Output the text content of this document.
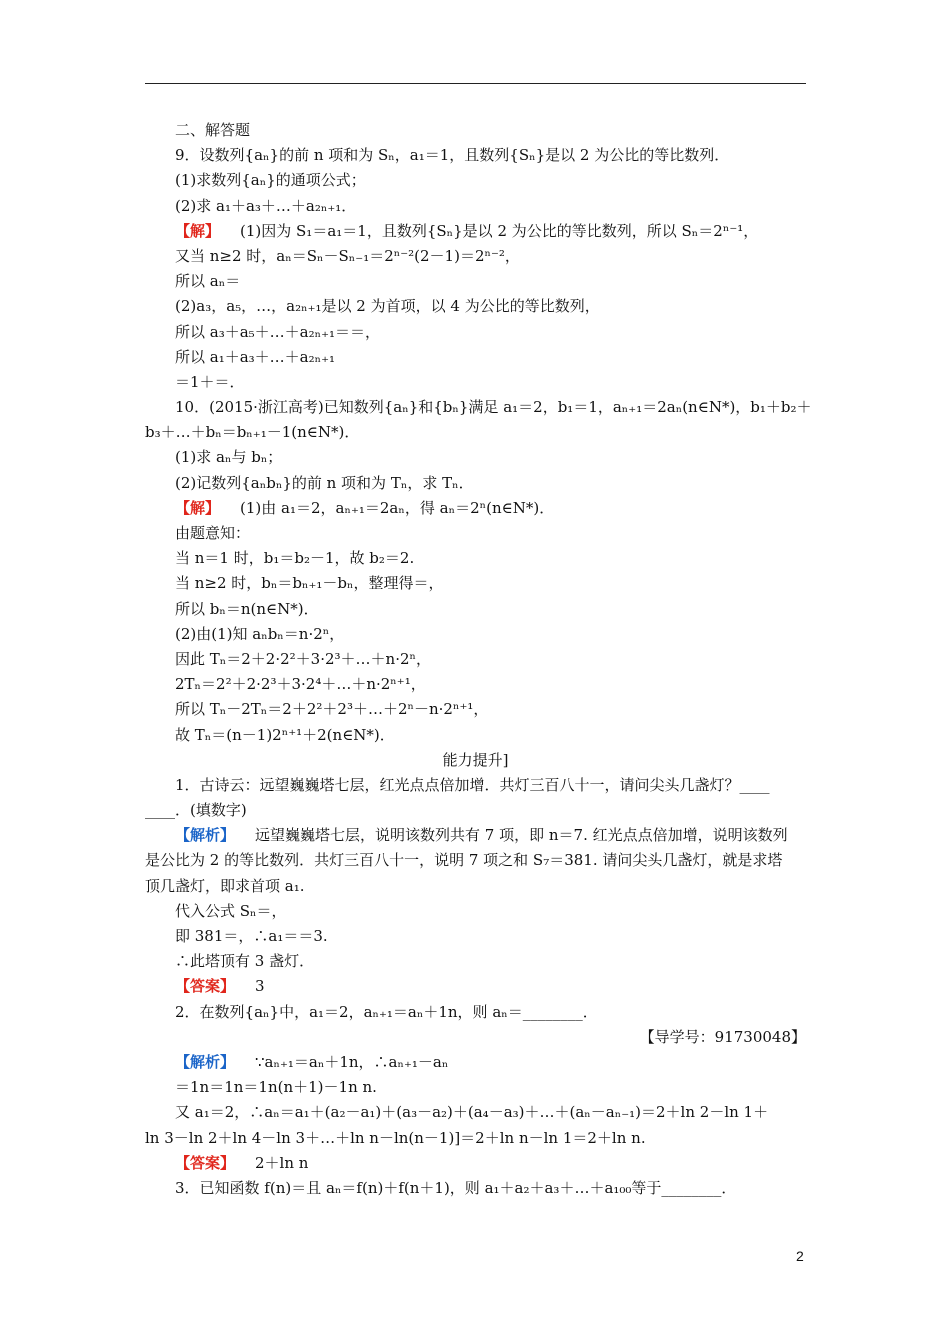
二、解答题
9．设数列{aₙ}的前 n 项和为 Sₙ，a₁＝1，且数列{Sₙ}是以 2 为公比的等比数列．
(1)求数列{aₙ}的通项公式；
(2)求 a₁＋a₃＋…＋a₂ₙ₊₁．
【解】 (1)因为 S₁＝a₁＝1，且数列{Sₙ}是以 2 为公比的等比数列，所以 Sₙ＝2ⁿ⁻¹，
又当 n≥2 时，aₙ＝Sₙ－Sₙ₋₁＝2ⁿ⁻²(2－1)＝2ⁿ⁻²，
所以 aₙ＝
(2)a₃，a₅，…，a₂ₙ₊₁是以 2 为首项，以 4 为公比的等比数列，
所以 a₃＋a₅＋…＋a₂ₙ₊₁＝＝，
所以 a₁＋a₃＋…＋a₂ₙ₊₁
＝1＋＝．
10．(2015·浙江高考)已知数列{aₙ}和{bₙ}满足 a₁＝2，b₁＝1，aₙ₊₁＝2aₙ(n∈N*)，b₁＋b₂＋
b₃＋…＋bₙ＝bₙ₊₁－1(n∈N*)．
(1)求 aₙ与 bₙ；
(2)记数列{aₙbₙ}的前 n 项和为 Tₙ，求 Tₙ．
【解】 (1)由 a₁＝2，aₙ₊₁＝2aₙ，得 aₙ＝2ⁿ(n∈N*)．
由题意知：
当 n＝1 时，b₁＝b₂－1，故 b₂＝2.
当 n≥2 时，bₙ＝bₙ₊₁－bₙ，整理得＝，
所以 bₙ＝n(n∈N*)．
(2)由(1)知 aₙbₙ＝n·2ⁿ，
因此 Tₙ＝2＋2·2²＋3·2³＋…＋n·2ⁿ，
2Tₙ＝2²＋2·2³＋3·2⁴＋…＋n·2ⁿ⁺¹，
所以 Tₙ－2Tₙ＝2＋2²＋2³＋…＋2ⁿ－n·2ⁿ⁺¹，
故 Tₙ＝(n－1)2ⁿ⁺¹＋2(n∈N*)．
能力提升]
1．古诗云：远望巍巍塔七层，红光点点倍加增．共灯三百八十一，请问尖头几盏灯？____
____．(填数字)
【解析】 远望巍巍塔七层，说明该数列共有 7 项，即 n＝7. 红光点点倍加增，说明该数列
是公比为 2 的等比数列．共灯三百八十一，说明 7 项之和 S₇＝381. 请问尖头几盏灯，就是求塔
顶几盏灯，即求首项 a₁.
代入公式 Sₙ＝，
即 381＝，∴a₁＝＝3.
∴此塔顶有 3 盏灯．
【答案】 3
2．在数列{aₙ}中，a₁＝2，aₙ₊₁＝aₙ＋1n，则 aₙ＝________．
【导学号：91730048】
【解析】 ∵aₙ₊₁＝aₙ＋1n，∴aₙ₊₁－aₙ
＝1n＝1n＝1n(n＋1)－1n n.
又 a₁＝2，∴aₙ＝a₁＋(a₂－a₁)＋(a₃－a₂)＋(a₄－a₃)＋…＋(aₙ－aₙ₋₁)＝2＋ln 2－ln 1＋
ln 3－ln 2＋ln 4－ln 3＋…＋ln n－ln(n－1)]＝2＋ln n－ln 1＝2＋ln n.
【答案】 2＋ln n
3．已知函数 f(n)＝且 aₙ＝f(n)＋f(n＋1)，则 a₁＋a₂＋a₃＋…＋a₁₀₀等于________．
2
